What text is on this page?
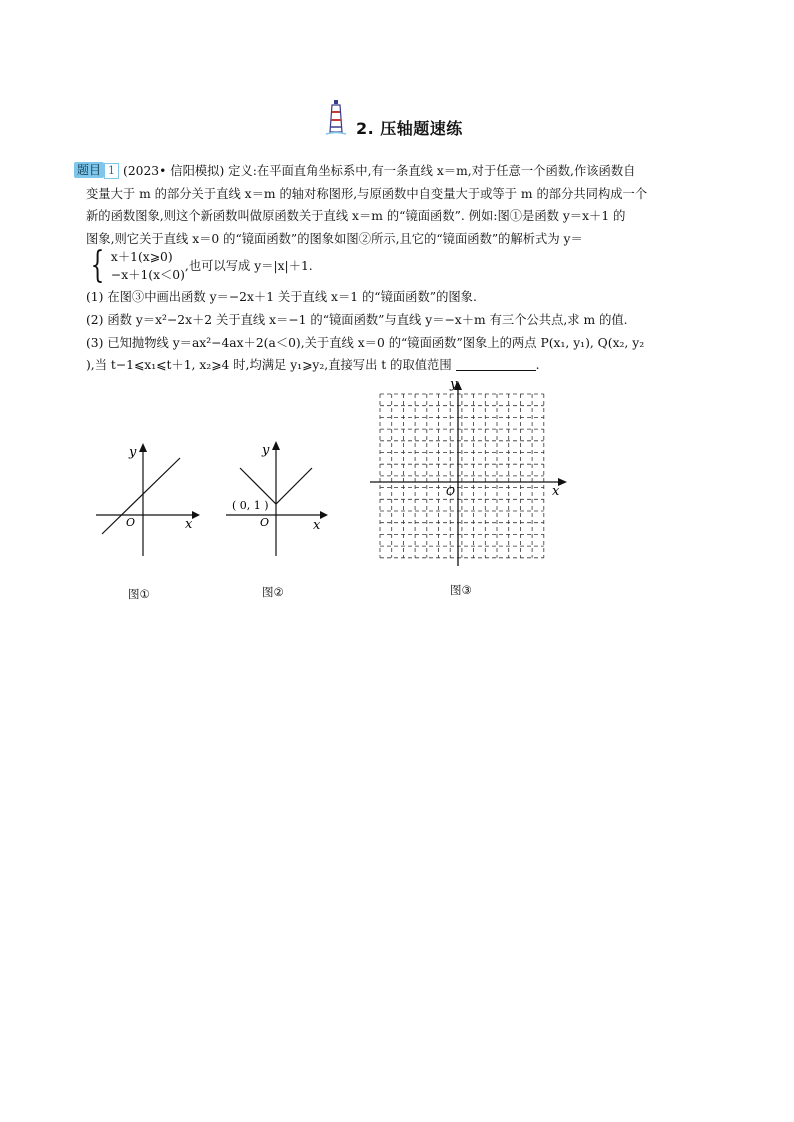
2. 压轴题速练
题目 1 (2023• 信阳模拟) 定义:在平面直角坐标系中,有一条直线 x＝m,对于任意一个函数,作该函数自
变量大于 m 的部分关于直线 x＝m 的轴对称图形,与原函数中自变量大于或等于 m 的部分共同构成一个
新的函数图象,则这个新函数叫做原函数关于直线 x＝m 的“镜面函数”. 例如:图①是函数 y＝x＋1 的
图象,则它关于直线 x＝0 的“镜面函数”的图象如图②所示,且它的“镜面函数”的解析式为 y＝
{ x＋1(x⩾0)
−x＋1(x＜0)
,也可以写成 y＝|x|＋1.
(1) 在图③中画出函数 y＝−2x＋1 关于直线 x＝1 的“镜面函数”的图象.
(2) 函数 y＝x²−2x＋2 关于直线 x＝−1 的“镜面函数”与直线 y＝−x＋m 有三个公共点,求 m 的值.
(3) 已知抛物线 y＝ax²−4ax＋2(a＜0),关于直线 x＝0 的“镜面函数”图象上的两点 P(x₁, y₁), Q(x₂, y₂
),当 t−1⩽x₁⩽t＋1, x₂⩾4 时,均满足 y₁⩾y₂,直接写出 t 的取值范围	.
O	x
y
图①
( 0, 1 )
O	x
y
图②
O	x
y
图③
